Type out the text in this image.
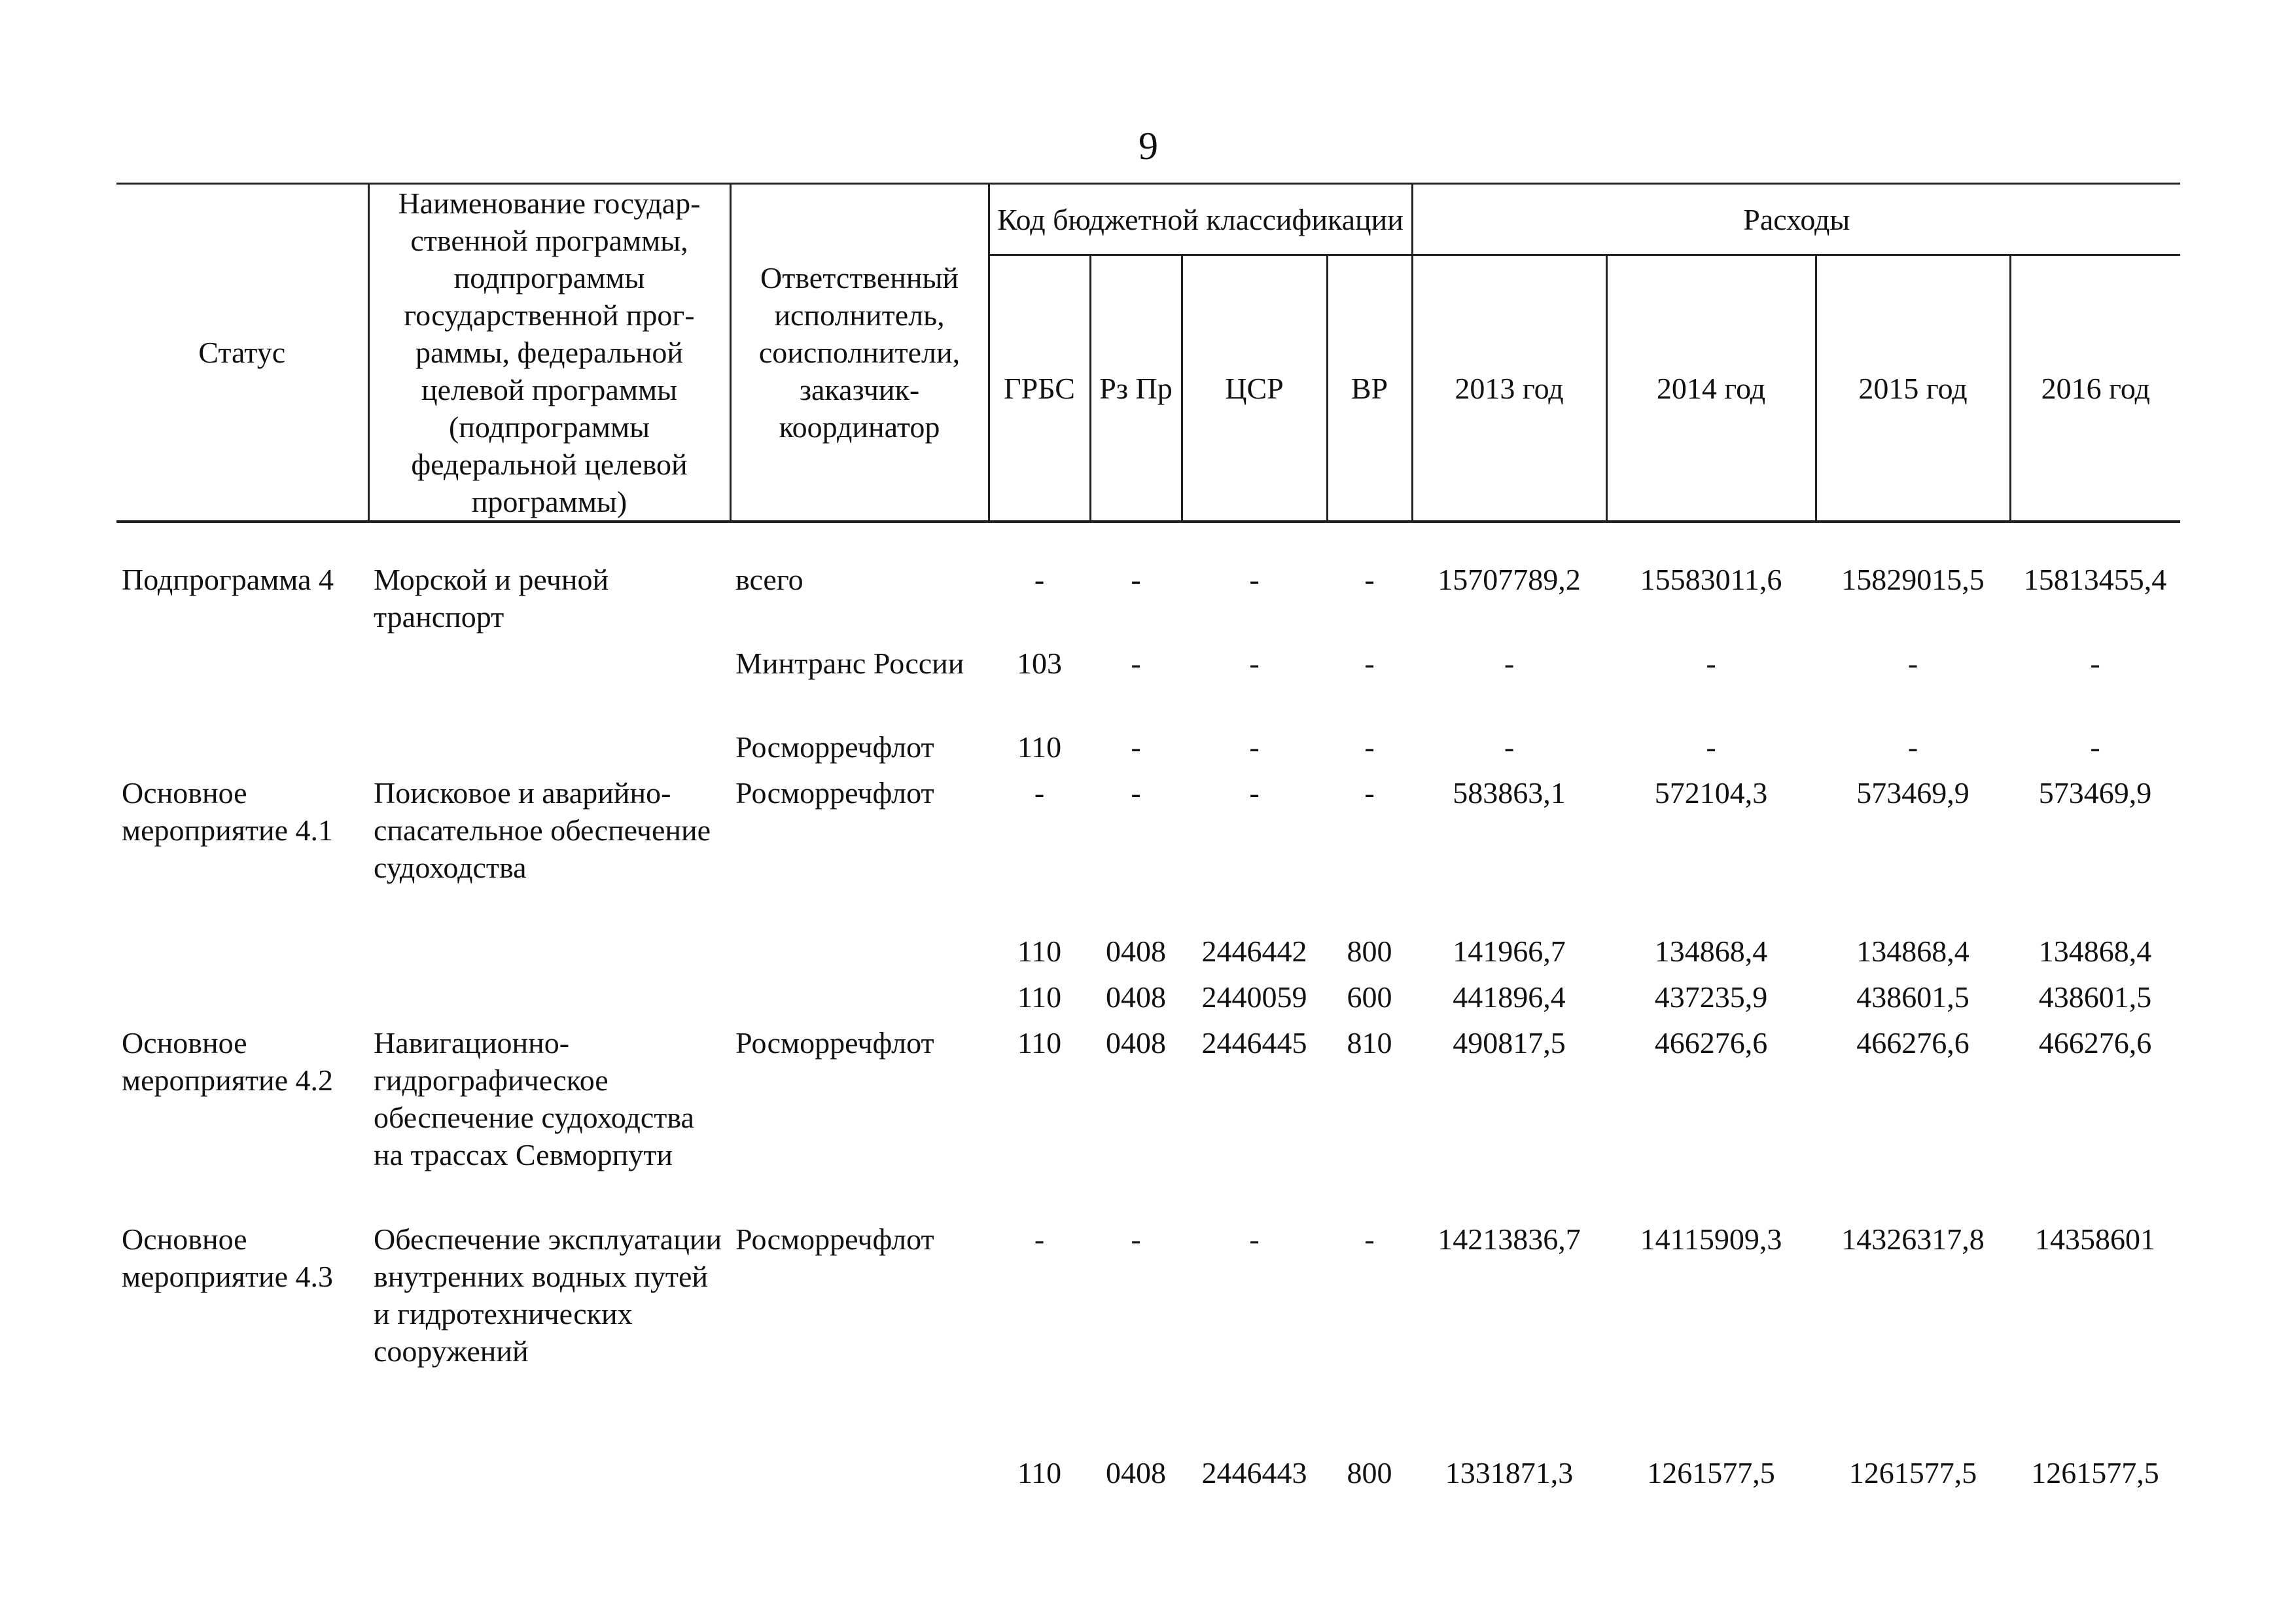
9
Статус	Наименование государ-ственной программы, подпрограммы государственной прог-раммы, федеральной целевой программы (подпрограммы федеральной целевой программы)	Ответственный исполнитель, соисполнители, заказчик-координатор	Код бюджетной классификации				Расходы			
			ГРБС	Рз Пр	ЦСР	ВР	2013 год	2014 год	2015 год	2016 год

Подпрограмма 4	Морской и речной транспорт	всего	-	-	-	-	15707789,2	15583011,6	15829015,5	15813455,4
		Минтранс России	103	-	-	-	-	-	-	-
		Росморречфлот	110	-	-	-	-	-	-	-
Основное мероприятие 4.1	Поисковое и аварийно-спасательное обеспечение судоходства	Росморречфлот	-	-	-	-	583863,1	572104,3	573469,9	573469,9
			110	0408	2446442	800	141966,7	134868,4	134868,4	134868,4
			110	0408	2440059	600	441896,4	437235,9	438601,5	438601,5
Основное мероприятие 4.2	Навигационно-гидрографическое обеспечение судоходства на трассах Севморпути	Росморречфлот	110	0408	2446445	810	490817,5	466276,6	466276,6	466276,6
Основное мероприятие 4.3	Обеспечение эксплуатации внутренних водных путей и гидротехнических сооружений	Росморречфлот	-	-	-	-	14213836,7	14115909,3	14326317,8	14358601
			110	0408	2446443	800	1331871,3	1261577,5	1261577,5	1261577,5
